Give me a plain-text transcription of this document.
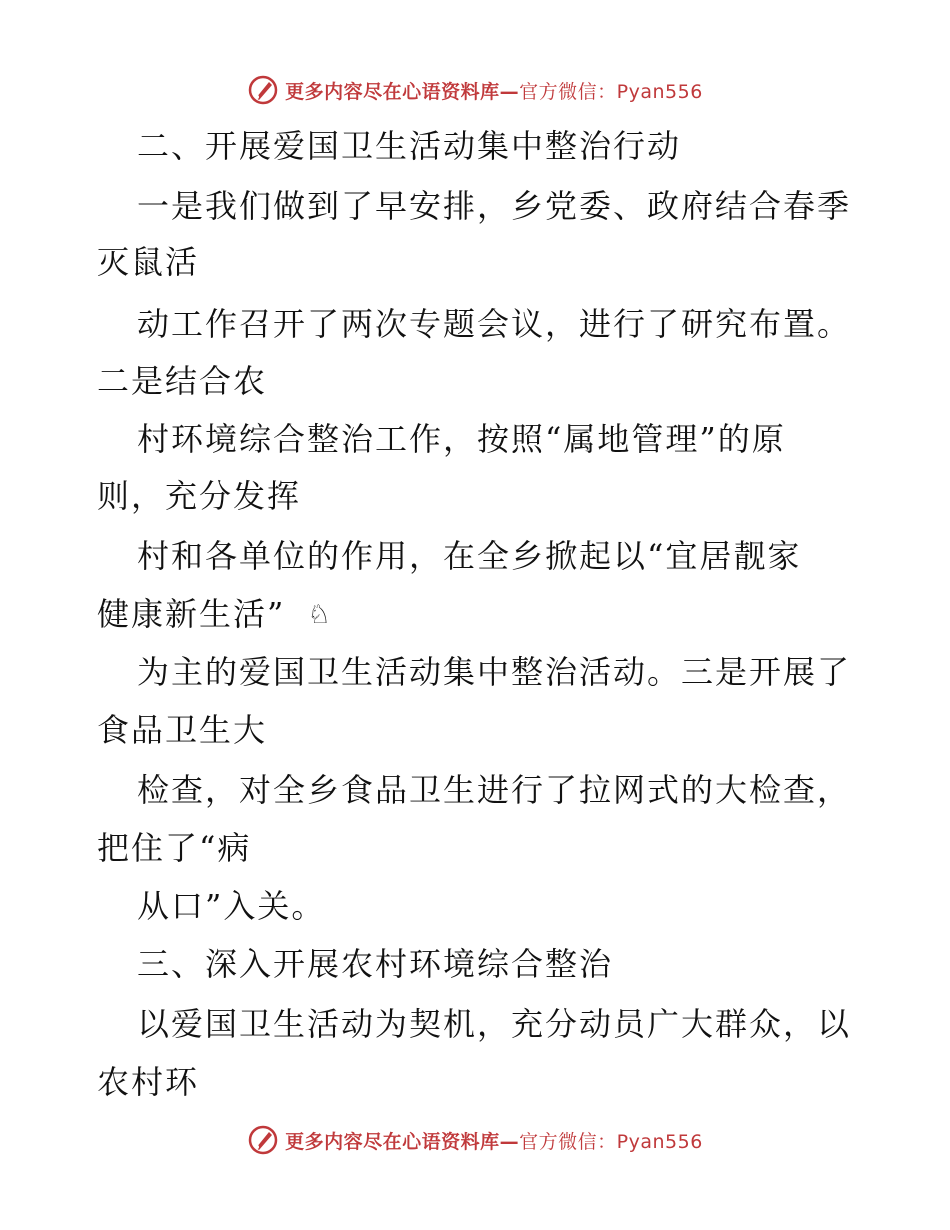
更多内容尽在心语资料库—官方微信：Pyan556
二、开展爱国卫生活动集中整治行动
一是我们做到了早安排，乡党委、政府结合春季
灭鼠活
动工作召开了两次专题会议，进行了研究布置。
二是结合农
村环境综合整治工作，按照“属地管理”的原
则，充分发挥
村和各单位的作用，在全乡掀起以“宜居靓家
健康新生活” ♘
为主的爱国卫生活动集中整治活动。三是开展了
食品卫生大
检查，对全乡食品卫生进行了拉网式的大检查，
把住了“病
从口”入关。
三、深入开展农村环境综合整治
以爱国卫生活动为契机，充分动员广大群众，以
农村环
更多内容尽在心语资料库—官方微信：Pyan556
